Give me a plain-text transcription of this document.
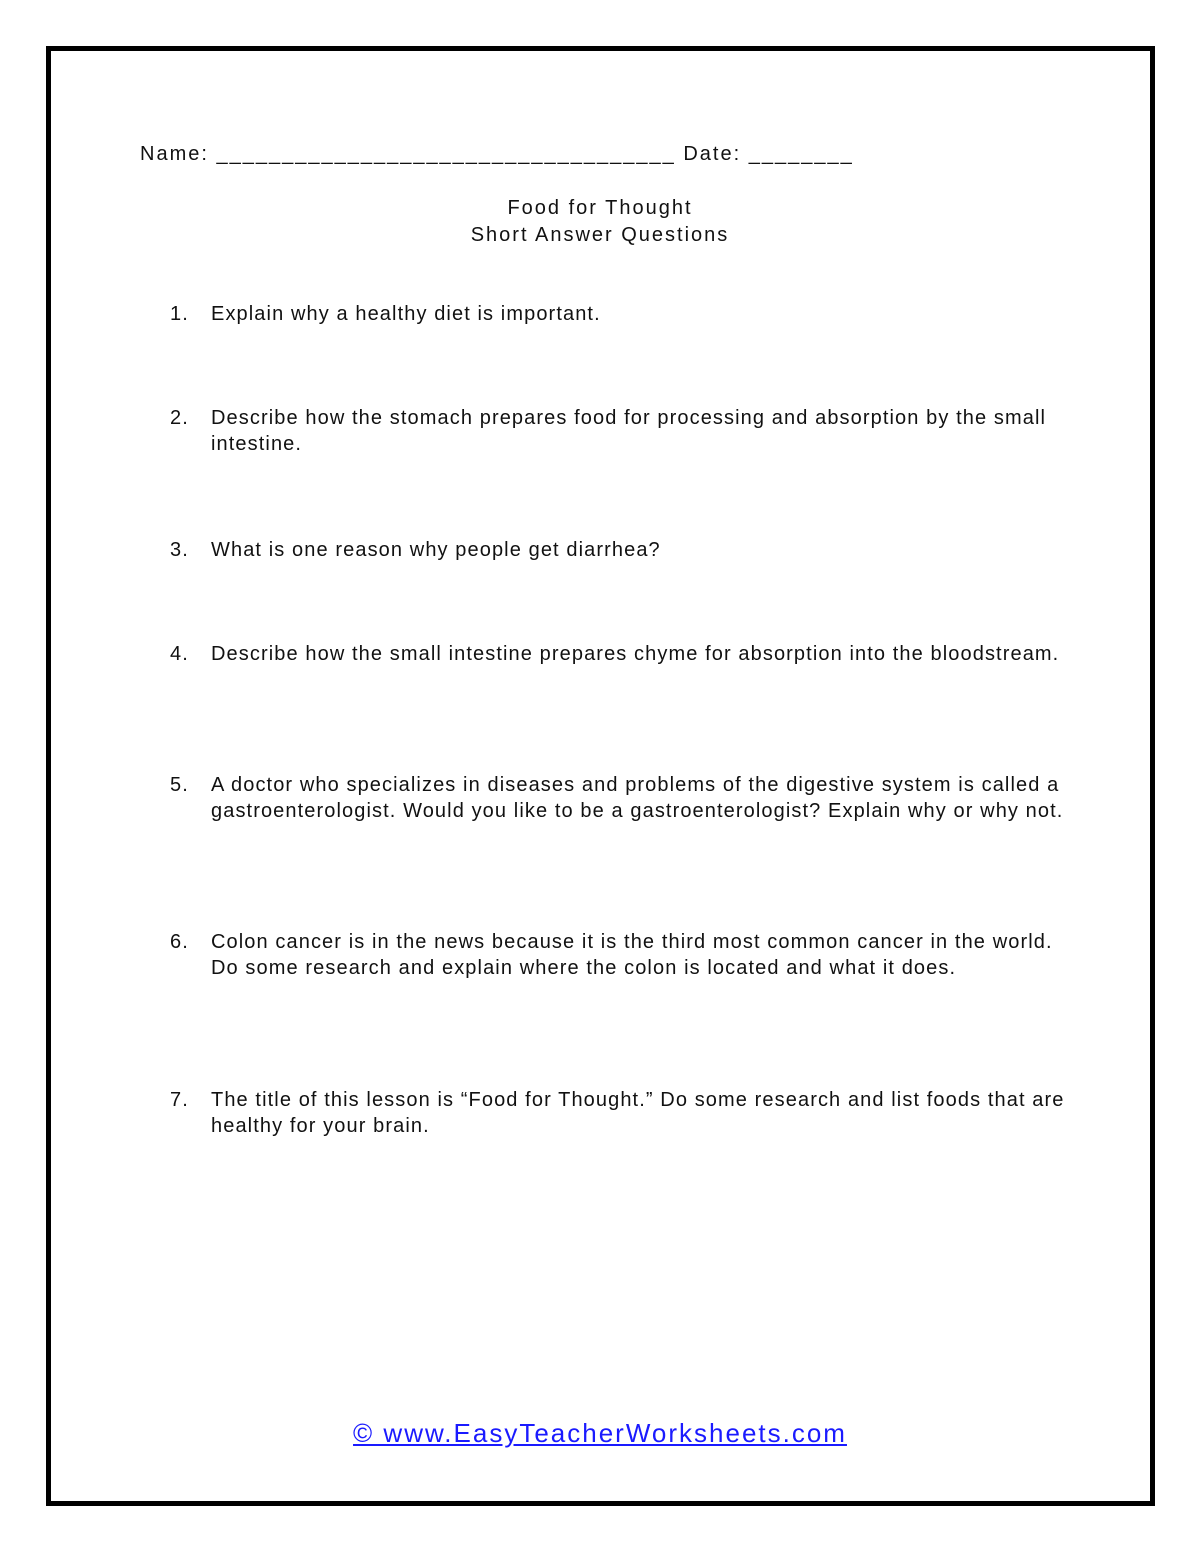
Name: ___________________________________ Date: ________
Food for Thought
Short Answer Questions
1.	Explain why a healthy diet is important.
2.	Describe how the stomach prepares food for processing and absorption by the small intestine.
3.	What is one reason why people get diarrhea?
4.	Describe how the small intestine prepares chyme for absorption into the bloodstream.
5.	A doctor who specializes in diseases and problems of the digestive system is called a gastroenterologist. Would you like to be a gastroenterologist? Explain why or why not.
6.	Colon cancer is in the news because it is the third most common cancer in the world. Do some research and explain where the colon is located and what it does.
7.	The title of this lesson is “Food for Thought.” Do some research and list foods that are healthy for your brain.
© www.EasyTeacherWorksheets.com
